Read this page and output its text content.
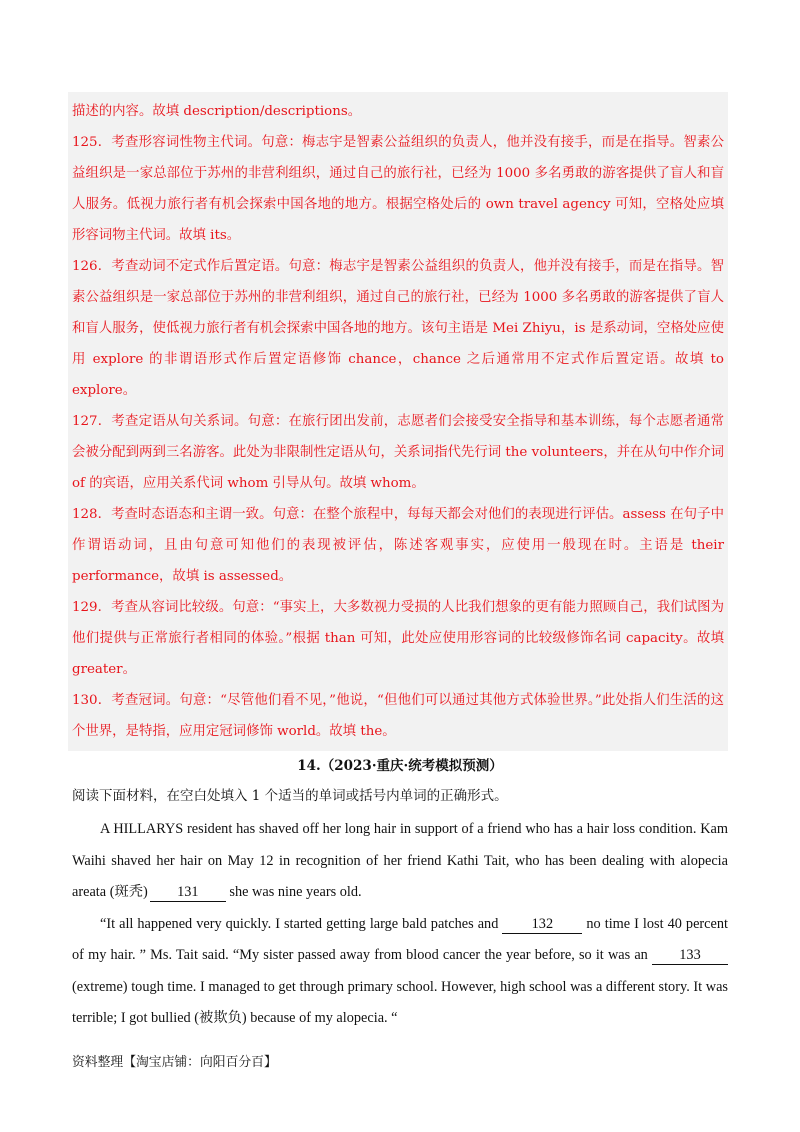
描述的内容。故填 description/descriptions。

125．考查形容词性物主代词。句意：梅志宇是智素公益组织的负责人，他并没有接手，而是在指导。智素公益组织是一家总部位于苏州的非营利组织，通过自己的旅行社，已经为 1000 多名勇敢的游客提供了盲人和盲人服务。低视力旅行者有机会探索中国各地的地方。根据空格处后的 own travel agency 可知，空格处应填形容词物主代词。故填 its。

126．考查动词不定式作后置定语。句意：梅志宇是智素公益组织的负责人，他并没有接手，而是在指导。智素公益组织是一家总部位于苏州的非营利组织，通过自己的旅行社，已经为 1000 多名勇敢的游客提供了盲人和盲人服务，使低视力旅行者有机会探索中国各地的地方。该句主语是 Mei Zhiyu，is 是系动词，空格处应使用 explore 的非谓语形式作后置定语修饰 chance，chance 之后通常用不定式作后置定语。故填 to explore。

127．考查定语从句关系词。句意：在旅行团出发前，志愿者们会接受安全指导和基本训练，每个志愿者通常会被分配到两到三名游客。此处为非限制性定语从句，关系词指代先行词 the volunteers，并在从句中作介词 of 的宾语，应用关系代词 whom 引导从句。故填 whom。

128．考查时态语态和主谓一致。句意：在整个旅程中，每每天都会对他们的表现进行评估。assess 在句子中作谓语动词，且由句意可知他们的表现被评估，陈述客观事实，应使用一般现在时。主语是 their performance，故填 is assessed。

129．考查从容词比较级。句意：“事实上，大多数视力受损的人比我们想象的更有能力照顾自己，我们试图为他们提供与正常旅行者相同的体验。”根据 than 可知，此处应使用形容词的比较级修饰名词 capacity。故填 greater。

130．考查冠词。句意：“尽管他们看不见，”他说，“但他们可以通过其他方式体验世界。”此处指人们生活的这个世界，是特指，应用定冠词修饰 world。故填 the。

14.（2023·重庆·统考模拟预测）
阅读下面材料，在空白处填入 1 个适当的单词或括号内单词的正确形式。

A HILLARYS resident has shaved off her long hair in support of a friend who has a hair loss condition. Kam Waihi shaved her hair on May 12 in recognition of her friend Kathi Tait, who has been dealing with alopecia areata (斑秃) 131 she was nine years old.

“It all happened very quickly. I started getting large bald patches and 132 no time I lost 40 percent of my hair. ” Ms. Tait said. “My sister passed away from blood cancer the year before, so it was an 133 (extreme) tough time. I managed to get through primary school. However, high school was a different story. It was terrible; I got bullied (被欺负) because of my alopecia. “

资料整理【淘宝店铺：向阳百分百】
